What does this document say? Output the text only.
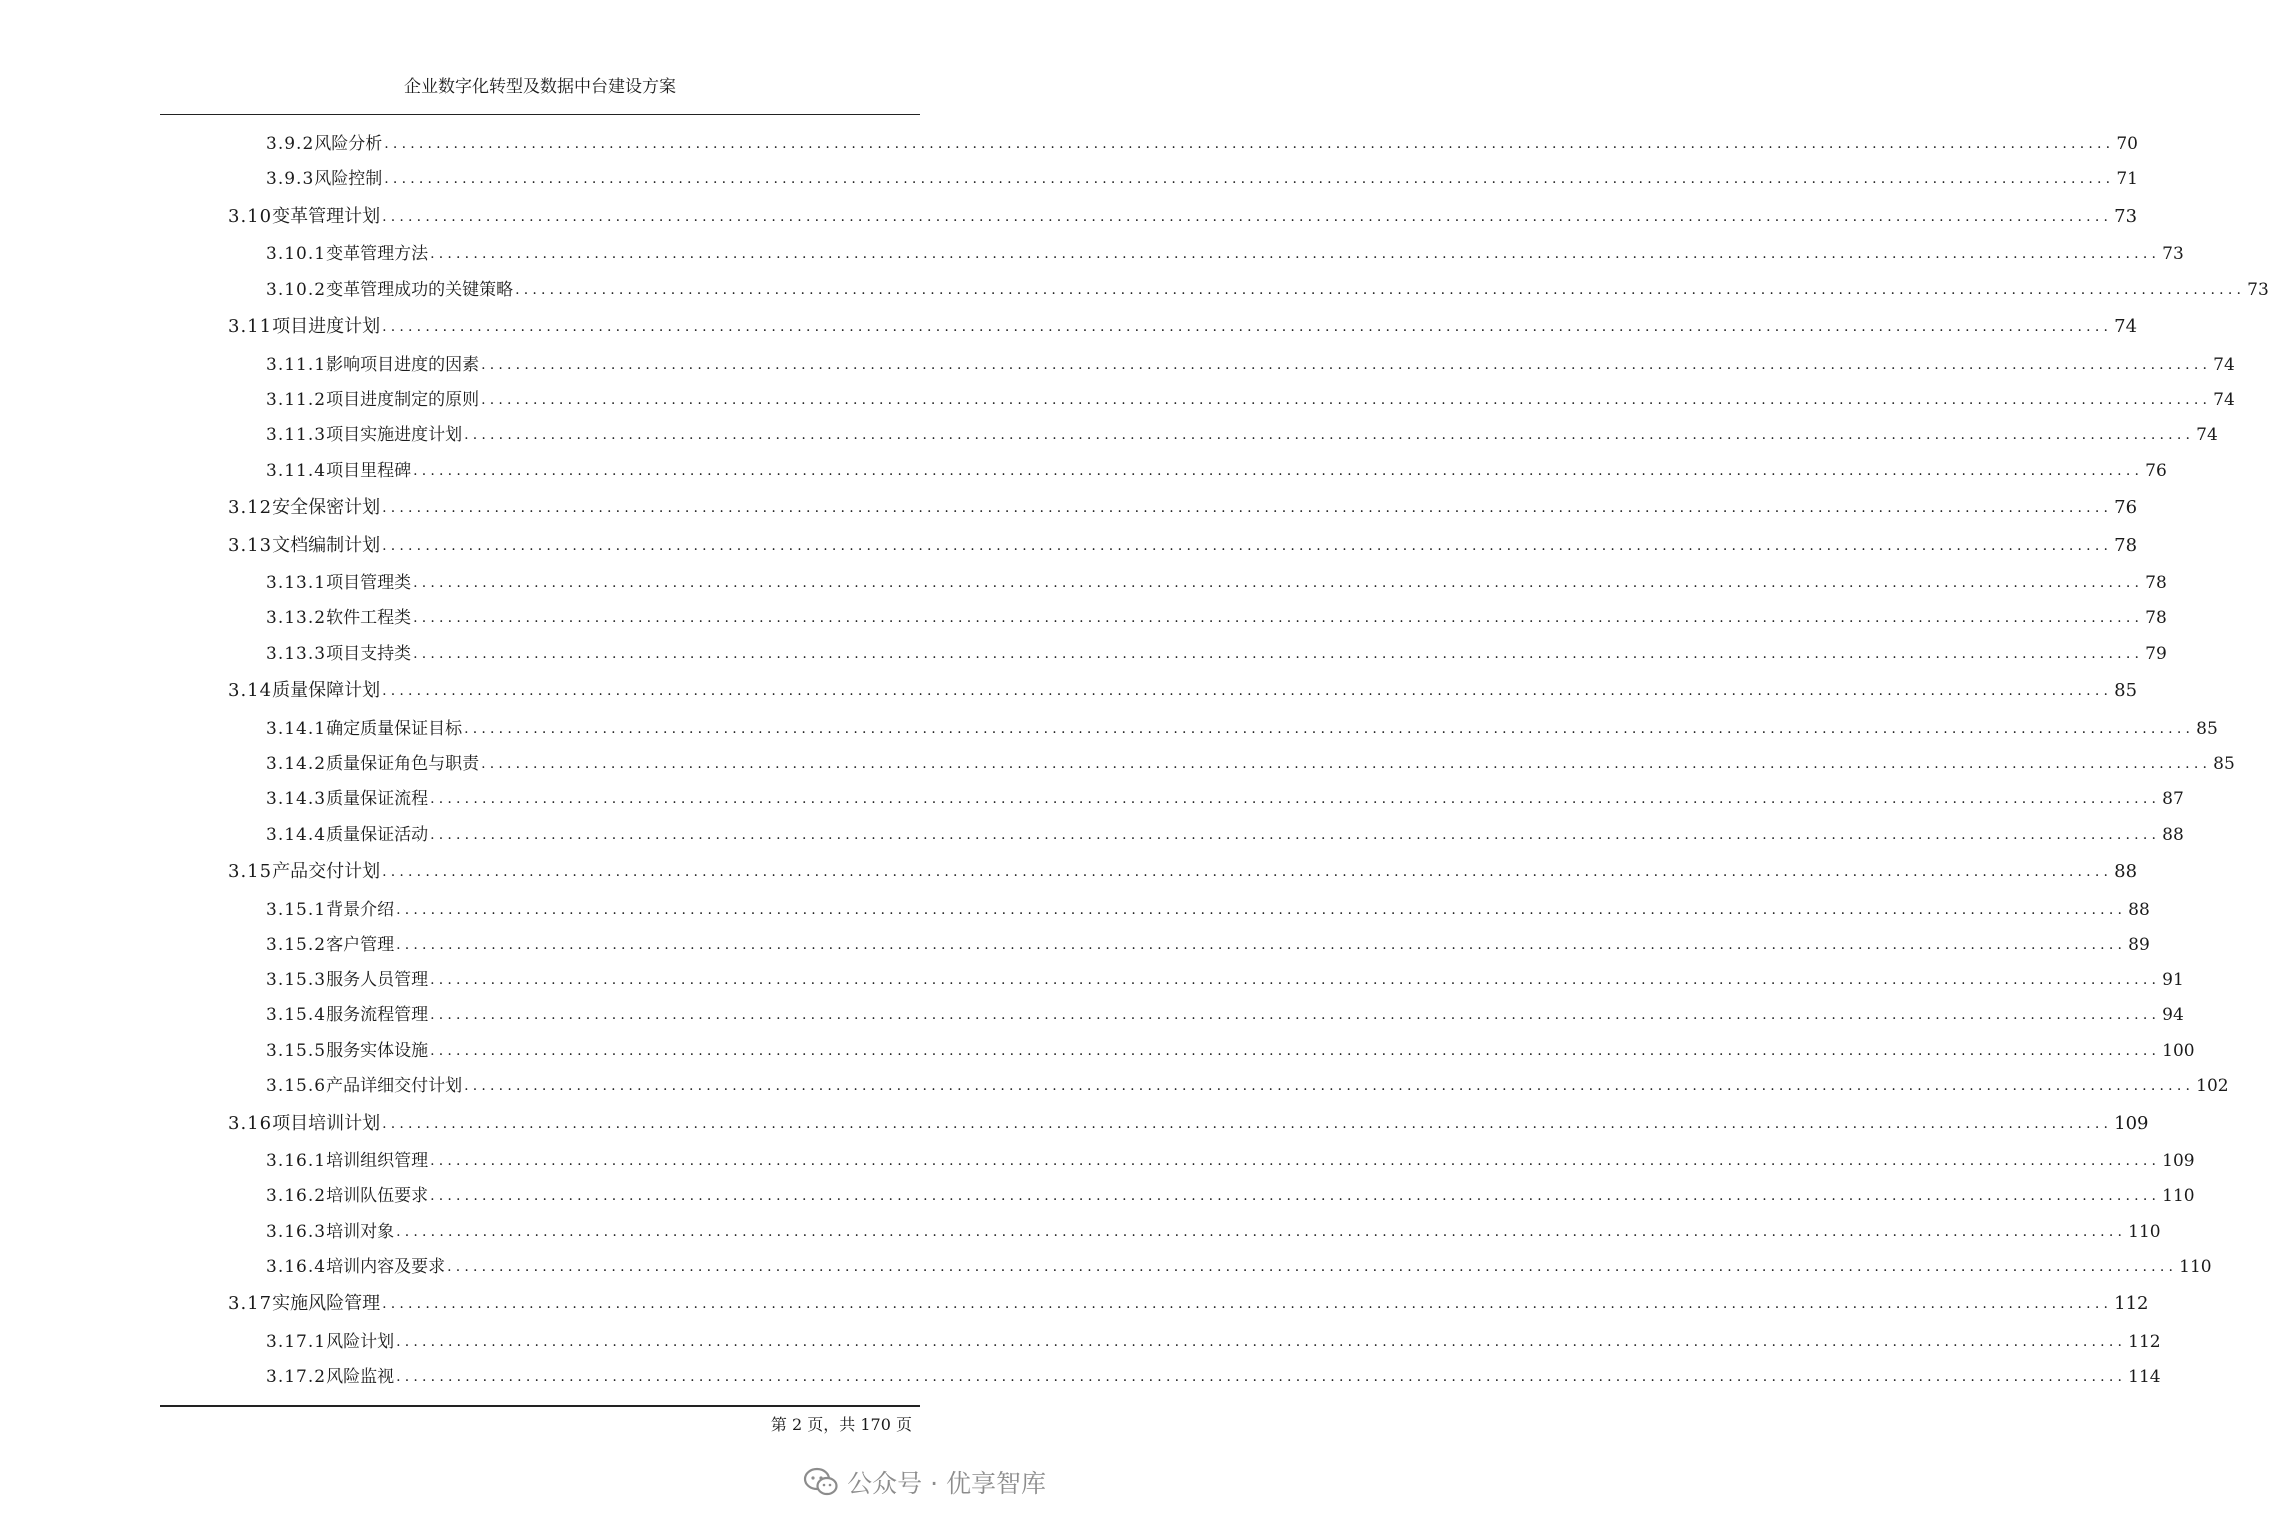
企业数字化转型及数据中台建设方案
3.9.2 风险分析 ........................................................................................................................................................................................................ 70
3.9.3 风险控制 ........................................................................................................................................................................................................ 71
3.10 变革管理计划 ........................................................................................................................................................................................................ 73
3.10.1 变革管理方法 ........................................................................................................................................................................................................ 73
3.10.2 变革管理成功的关键策略 ........................................................................................................................................................................................................ 73
3.11 项目进度计划 ........................................................................................................................................................................................................ 74
3.11.1 影响项目进度的因素 ........................................................................................................................................................................................................ 74
3.11.2 项目进度制定的原则 ........................................................................................................................................................................................................ 74
3.11.3 项目实施进度计划 ........................................................................................................................................................................................................ 74
3.11.4 项目里程碑 ........................................................................................................................................................................................................ 76
3.12 安全保密计划 ........................................................................................................................................................................................................ 76
3.13 文档编制计划 ........................................................................................................................................................................................................ 78
3.13.1 项目管理类 ........................................................................................................................................................................................................ 78
3.13.2 软件工程类 ........................................................................................................................................................................................................ 78
3.13.3 项目支持类 ........................................................................................................................................................................................................ 79
3.14 质量保障计划 ........................................................................................................................................................................................................ 85
3.14.1 确定质量保证目标 ........................................................................................................................................................................................................ 85
3.14.2 质量保证角色与职责 ........................................................................................................................................................................................................ 85
3.14.3 质量保证流程 ........................................................................................................................................................................................................ 87
3.14.4 质量保证活动 ........................................................................................................................................................................................................ 88
3.15 产品交付计划 ........................................................................................................................................................................................................ 88
3.15.1 背景介绍 ........................................................................................................................................................................................................ 88
3.15.2 客户管理 ........................................................................................................................................................................................................ 89
3.15.3 服务人员管理 ........................................................................................................................................................................................................ 91
3.15.4 服务流程管理 ........................................................................................................................................................................................................ 94
3.15.5 服务实体设施 ........................................................................................................................................................................................................ 100
3.15.6 产品详细交付计划 ........................................................................................................................................................................................................ 102
3.16 项目培训计划 ........................................................................................................................................................................................................ 109
3.16.1 培训组织管理 ........................................................................................................................................................................................................ 109
3.16.2 培训队伍要求 ........................................................................................................................................................................................................ 110
3.16.3 培训对象 ........................................................................................................................................................................................................ 110
3.16.4 培训内容及要求 ........................................................................................................................................................................................................ 110
3.17 实施风险管理 ........................................................................................................................................................................................................ 112
3.17.1 风险计划 ........................................................................................................................................................................................................ 112
3.17.2 风险监视 ........................................................................................................................................................................................................ 114
第 2 页，共 170 页
公众号 · 优享智库
